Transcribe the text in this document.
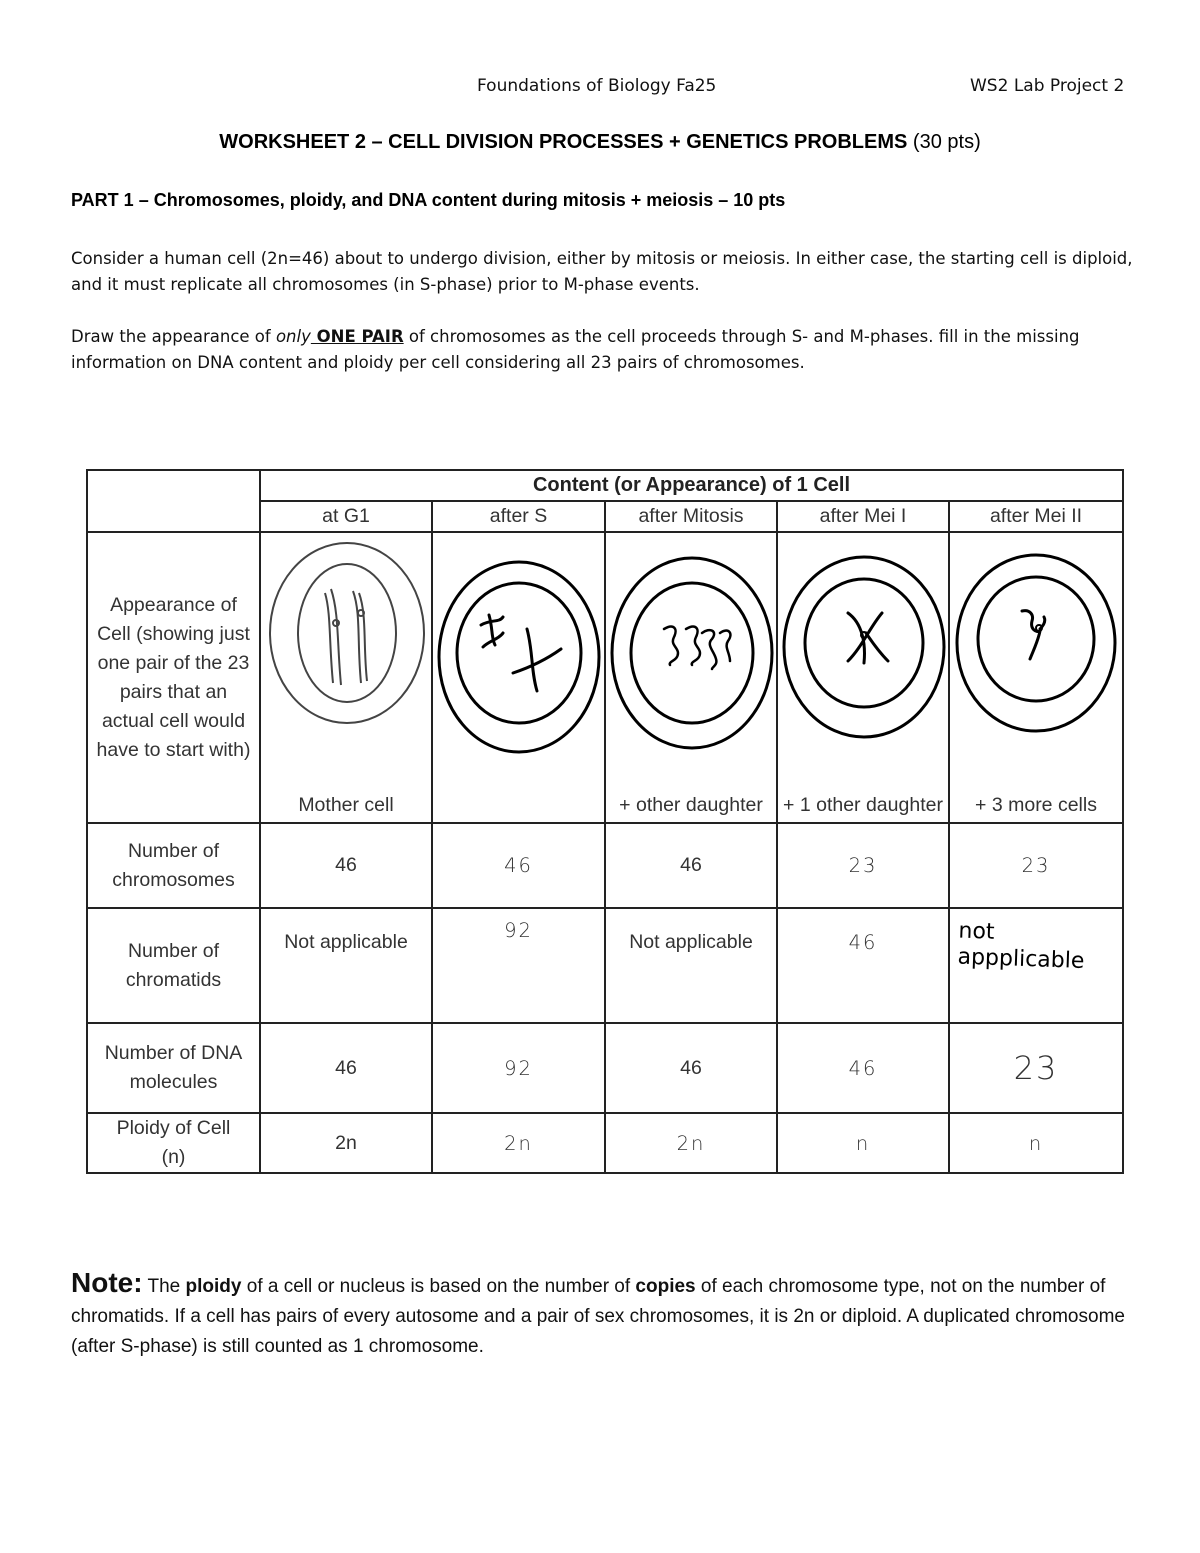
Foundations of Biology Fa25	WS2 Lab Project 2
WORKSHEET 2 – CELL DIVISION PROCESSES + GENETICS PROBLEMS (30 pts)
PART 1 – Chromosomes, ploidy, and DNA content during mitosis + meiosis – 10 pts

Consider a human cell (2n=46) about to undergo division, either by mitosis or meiosis. In either case, the starting cell is diploid, and it must replicate all chromosomes (in S-phase) prior to M-phase events.

Draw the appearance of only ONE PAIR of chromosomes as the cell proceeds through S- and M-phases. fill in the missing information on DNA content and ploidy per cell considering all 23 pairs of chromosomes.

	Content (or Appearance) of 1 Cell				
	at G1	after S	after Mitosis	after Mei I	after Mei II
Appearance of Cell (showing just one pair of the 23 pairs that an actual cell would have to start with)	Mother cell		+ other daughter	+ 1 other daughter	+ 3 more cells

Number of chromosomes	46	46	46	23	23
Number of chromatids	Not applicable	92	Not applicable	46	not appplicable
Number of DNA molecules	46	92	46	46	23
Ploidy of Cell (n)	2n	2n	2n	n	n

Note: The ploidy of a cell or nucleus is based on the number of copies of each chromosome type, not on the number of chromatids. If a cell has pairs of every autosome and a pair of sex chromosomes, it is 2n or diploid. A duplicated chromosome (after S-phase) is still counted as 1 chromosome.
